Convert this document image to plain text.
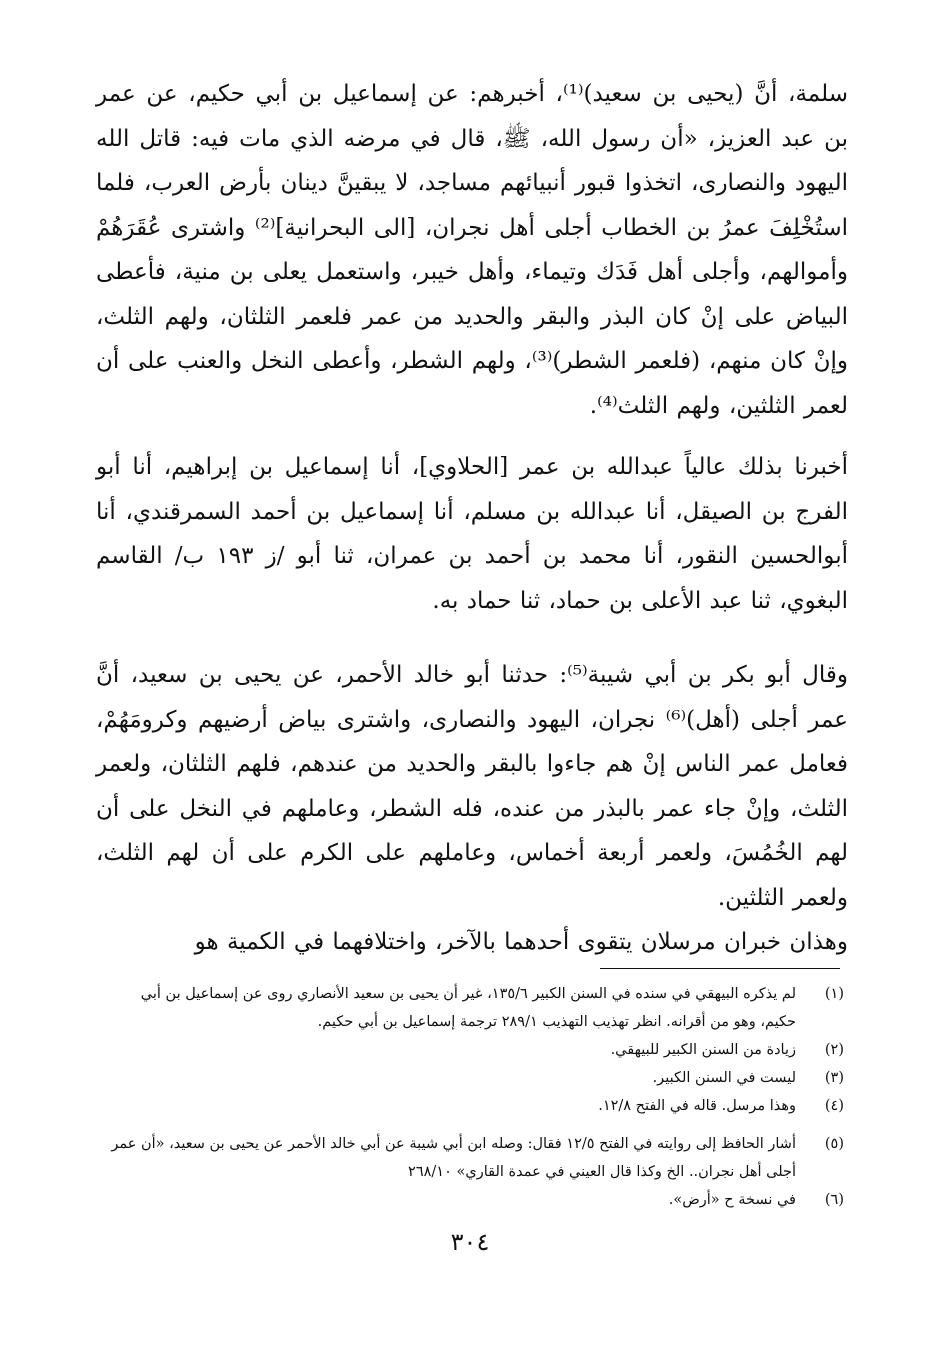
سلمة، أنَّ (يحيى بن سعيد)⁽¹⁾، أخبرهم: عن إسماعيل بن أبي حكيم، عن عمر بن عبد العزيز، «أن رسول الله، ﷺ، قال في مرضه الذي مات فيه: قاتل الله اليهود والنصارى، اتخذوا قبور أنبيائهم مساجد، لا يبقينَّ دينان بأرض العرب، فلما استُخْلِفَ عمرُ بن الخطاب أجلى أهل نجران، [الى البحرانية]⁽²⁾ واشترى عُقَرَهُمْ وأموالهم، وأجلى أهل فَدَك وتيماء، وأهل خيبر، واستعمل يعلى بن منية، فأعطى البياض على إنْ كان البذر والبقر والحديد من عمر فلعمر الثلثان، ولهم الثلث، وإنْ كان منهم، (فلعمر الشطر)⁽³⁾، ولهم الشطر، وأعطى النخل والعنب على أن لعمر الثلثين، ولهم الثلث⁽⁴⁾.

أخبرنا بذلك عالياً عبدالله بن عمر [الحلاوي]، أنا إسماعيل بن إبراهيم، أنا أبو الفرج بن الصيقل، أنا عبدالله بن مسلم، أنا إسماعيل بن أحمد السمرقندي، أنا أبوالحسين النقور، أنا محمد بن أحمد بن عمران، ثنا أبو /ز ١٩٣ ب/ القاسم البغوي، ثنا عبد الأعلى بن حماد، ثنا حماد به.

وقال أبو بكر بن أبي شيبة⁽⁵⁾: حدثنا أبو خالد الأحمر، عن يحيى بن سعيد، أنَّ عمر أجلى (أهل)⁽⁶⁾ نجران، اليهود والنصارى، واشترى بياض أرضيهم وكرومَهُمْ، فعامل عمر الناس إنْ هم جاءوا بالبقر والحديد من عندهم، فلهم الثلثان، ولعمر الثلث، وإنْ جاء عمر بالبذر من عنده، فله الشطر، وعاملهم في النخل على أن لهم الخُمُسَ، ولعمر أربعة أخماس، وعاملهم على الكرم على أن لهم الثلث، ولعمر الثلثين.

وهذان خبران مرسلان يتقوى أحدهما بالآخر، واختلافهما في الكمية هو

(١)
لم يذكره البيهقي في سنده في السنن الكبير ١٣٥/٦، غير أن يحيى بن سعيد الأنصاري روى عن إسماعيل بن أبي حكيم، وهو من أقرانه. انظر تهذيب التهذيب ٢٨٩/١ ترجمة إسماعيل بن أبي حكيم.
(٢)
زيادة من السنن الكبير للبيهقي.
(٣)
ليست في السنن الكبير.
(٤)
وهذا مرسل. قاله في الفتح ١٢/٨.
(٥)
أشار الحافظ إلى روايته في الفتح ١٢/٥ فقال: وصله ابن أبي شيبة عن أبي خالد الأحمر عن يحيى بن سعيد، «أن عمر أجلى أهل نجران.. الخ وكذا قال العيني في عمدة القاري» ٢٦٨/١٠
(٦)
في نسخة ح «أرض».
٣٠٤
